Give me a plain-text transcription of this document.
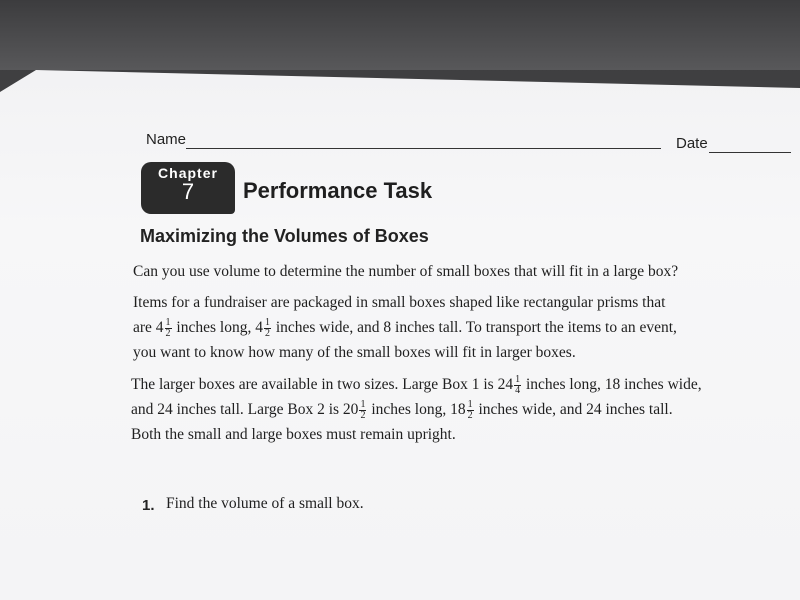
Name	Date
Chapter
7	Performance Task
Maximizing the Volumes of Boxes
Can you use volume to determine the number of small boxes that will fit in a large box?
Items for a fundraiser are packaged in small boxes shaped like rectangular prisms that
are $4 \frac{1}{2}$ inches long, $4 \frac{1}{2}$ inches wide, and 8 inches tall. To transport the items to an event,
you want to know how many of the small boxes will fit in larger boxes.
The larger boxes are available in two sizes. Large Box 1 is $24 \frac{1}{4}$ inches long, 18 inches wide,
and 24 inches tall. Large Box 2 is $20 \frac{1}{2}$ inches long, $18 \frac{1}{2}$ inches wide, and 24 inches tall.
Both the small and large boxes must remain upright.
1. Find the volume of a small box.
